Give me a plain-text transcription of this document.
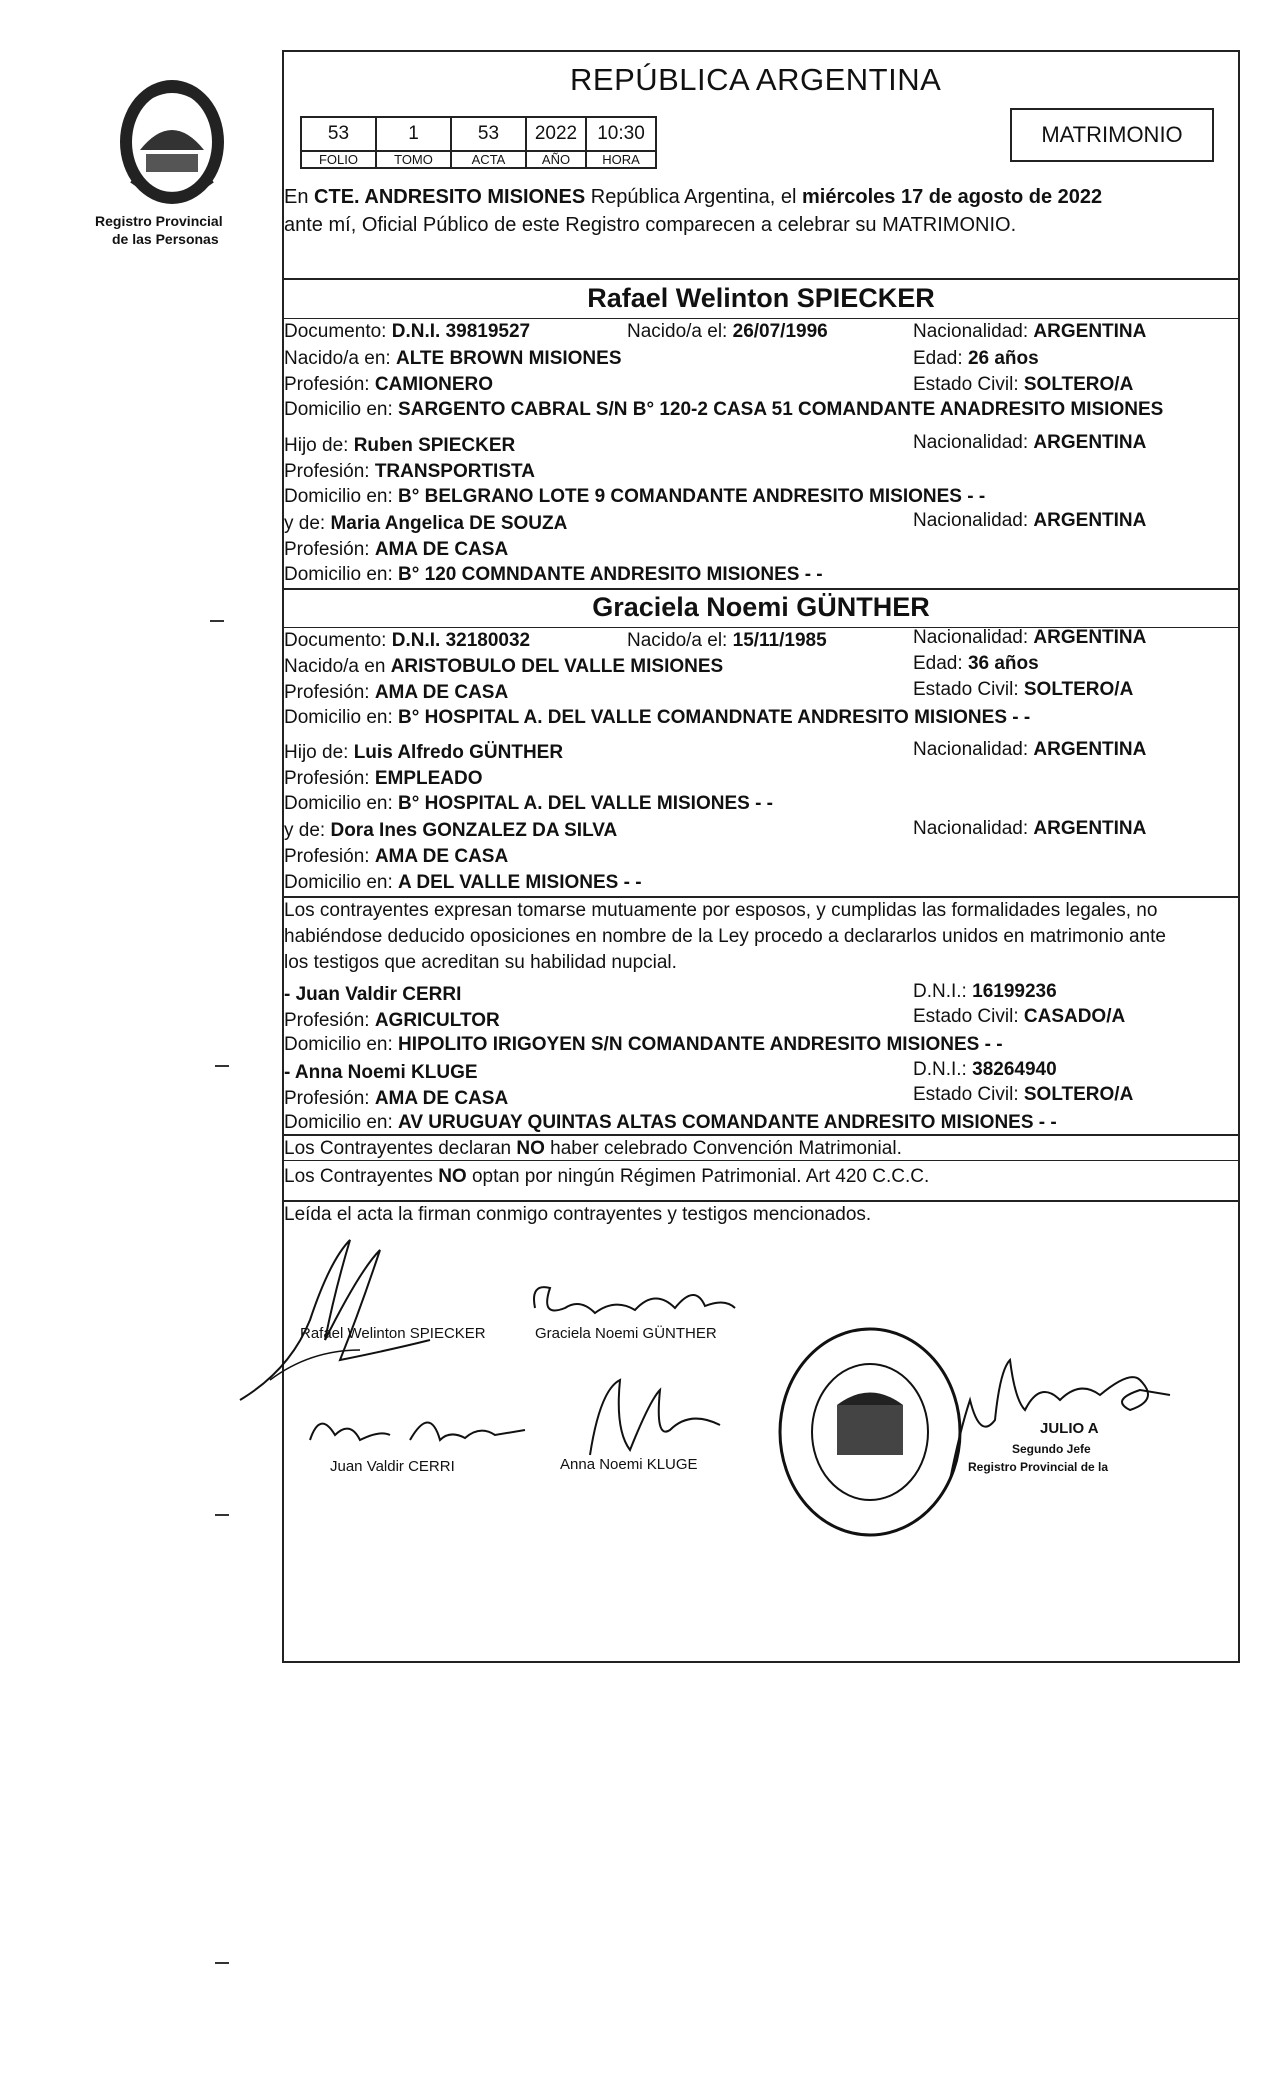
Registro Provincial
de las Personas
REPÚBLICA ARGENTINA
53	1	53	2022	10:30
FOLIO	TOMO	ACTA	AÑO	HORA
MATRIMONIO
En CTE. ANDRESITO MISIONES República Argentina, el miércoles 17 de agosto de 2022
ante mí, Oficial Público de este Registro comparecen a celebrar su MATRIMONIO.
Rafael Welinton SPIECKER
Documento: D.N.I. 39819527	Nacido/a el: 26/07/1996	Nacionalidad: ARGENTINA
Nacido/a en: ALTE BROWN MISIONES	Edad: 26 años
Profesión: CAMIONERO	Estado Civil: SOLTERO/A
Domicilio en: SARGENTO CABRAL S/N B° 120-2 CASA 51 COMANDANTE ANADRESITO MISIONES
Hijo de: Ruben SPIECKER	Nacionalidad: ARGENTINA
Profesión: TRANSPORTISTA
Domicilio en: B° BELGRANO LOTE 9 COMANDANTE ANDRESITO MISIONES - -
y de: Maria Angelica DE SOUZA	Nacionalidad: ARGENTINA
Profesión: AMA DE CASA
Domicilio en: B° 120 COMNDANTE ANDRESITO MISIONES - -
Graciela Noemi GÜNTHER
Documento: D.N.I. 32180032	Nacido/a el: 15/11/1985	Nacionalidad: ARGENTINA
Nacido/a en ARISTOBULO DEL VALLE MISIONES	Edad: 36 años
Profesión: AMA DE CASA	Estado Civil: SOLTERO/A
Domicilio en: B° HOSPITAL A. DEL VALLE COMANDNATE ANDRESITO MISIONES - -
Hijo de: Luis Alfredo GÜNTHER	Nacionalidad: ARGENTINA
Profesión: EMPLEADO
Domicilio en: B° HOSPITAL A. DEL VALLE MISIONES - -
y de: Dora Ines GONZALEZ DA SILVA	Nacionalidad: ARGENTINA
Profesión: AMA DE CASA
Domicilio en: A DEL VALLE MISIONES - -
Los contrayentes expresan tomarse mutuamente por esposos, y cumplidas las formalidades legales, no
habiéndose deducido oposiciones en nombre de la Ley procedo a declararlos unidos en matrimonio ante
los testigos que acreditan su habilidad nupcial.
- Juan Valdir CERRI	D.N.I.: 16199236
Profesión: AGRICULTOR	Estado Civil: CASADO/A
Domicilio en: HIPOLITO IRIGOYEN S/N COMANDANTE ANDRESITO MISIONES - -
- Anna Noemi KLUGE	D.N.I.: 38264940
Profesión: AMA DE CASA	Estado Civil: SOLTERO/A
Domicilio en: AV URUGUAY QUINTAS ALTAS COMANDANTE ANDRESITO MISIONES - -
Los Contrayentes declaran NO haber celebrado Convención Matrimonial.
Los Contrayentes NO optan por ningún Régimen Patrimonial. Art 420 C.C.C.
Leída el acta la firman conmigo contrayentes y testigos mencionados.
Rafael Welinton SPIECKER	Graciela Noemi GÜNTHER
Juan Valdir CERRI	Anna Noemi KLUGE
JULIO A
Segundo Jefe
Registro Provincial de la
